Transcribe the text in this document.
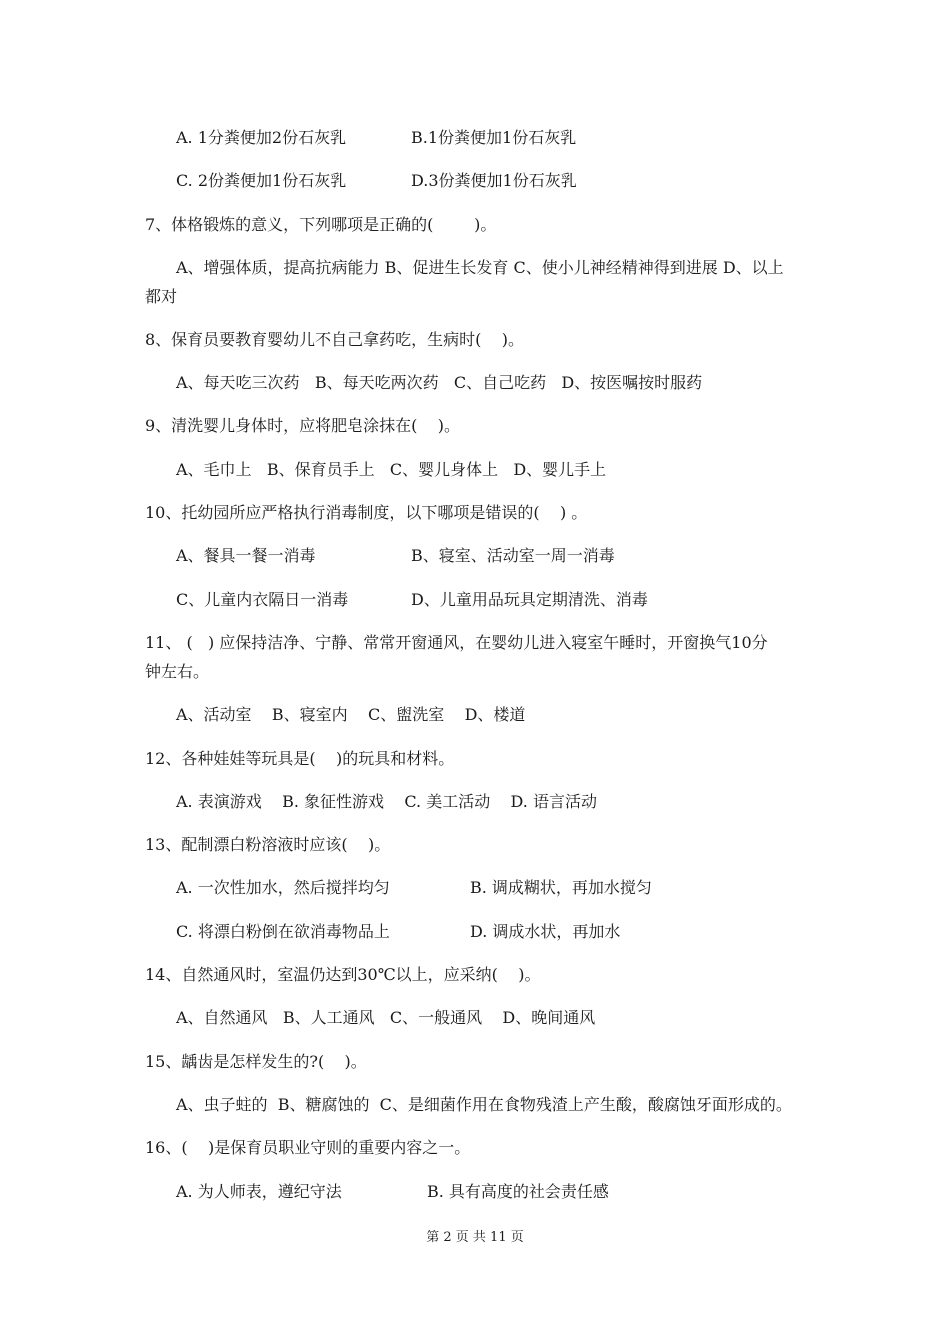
A. 1分粪便加2份石灰乳	B.1份粪便加1份石灰乳
C. 2份粪便加1份石灰乳	D.3份粪便加1份石灰乳
7、体格锻炼的意义，下列哪项是正确的(        )。
A、增强体质，提高抗病能力 B、促进生长发育 C、使小儿神经精神得到进展 D、以上
都对
8、保育员要教育婴幼儿不自己拿药吃，生病时(    )。
A、每天吃三次药   B、每天吃两次药   C、自己吃药   D、按医嘱按时服药
9、清洗婴儿身体时，应将肥皂涂抹在(    )。
A、毛巾上   B、保育员手上   C、婴儿身体上   D、婴儿手上
10、托幼园所应严格执行消毒制度，以下哪项是错误的(    ) 。
A、餐具一餐一消毒	B、寝室、活动室一周一消毒
C、儿童内衣隔日一消毒	D、儿童用品玩具定期清洗、消毒
11、 (   ) 应保持洁净、宁静、常常开窗通风，在婴幼儿进入寝室午睡时，开窗换气10分
钟左右。
A、活动室    B、寝室内    C、盥洗室    D、楼道
12、各种娃娃等玩具是(    )的玩具和材料。
A. 表演游戏    B. 象征性游戏    C. 美工活动    D. 语言活动
13、配制漂白粉溶液时应该(    )。
A. 一次性加水，然后搅拌均匀	B. 调成糊状，再加水搅匀
C. 将漂白粉倒在欲消毒物品上	D. 调成水状，再加水
14、自然通风时，室温仍达到30℃以上，应采纳(    )。
A、自然通风   B、人工通风   C、一般通风    D、晚间通风
15、龋齿是怎样发生的?(    )。
A、虫子蛀的  B、糖腐蚀的  C、是细菌作用在食物残渣上产生酸，酸腐蚀牙面形成的。
16、(    )是保育员职业守则的重要内容之一。
A. 为人师表，遵纪守法	B. 具有高度的社会责任感
第 2 页 共 11 页
